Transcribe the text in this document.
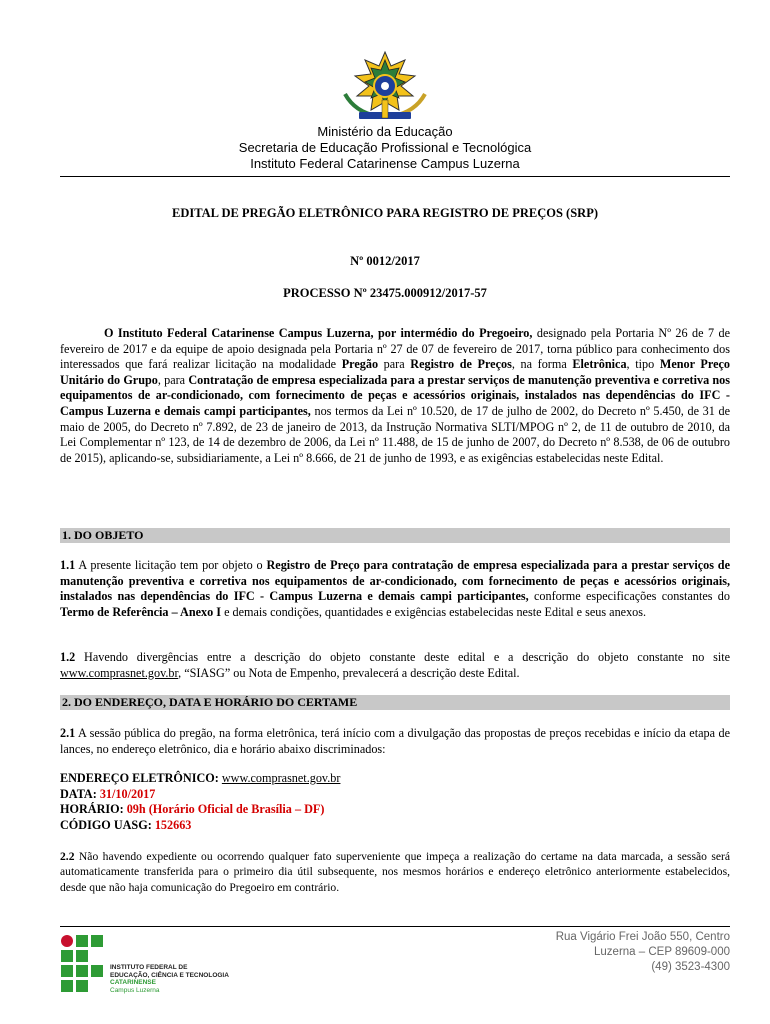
Ministério da Educação
Secretaria de Educação Profissional e Tecnológica
Instituto Federal Catarinense Campus Luzerna
EDITAL DE PREGÃO ELETRÔNICO PARA REGISTRO DE PREÇOS (SRP)
Nº 0012/2017
PROCESSO Nº 23475.000912/2017-57
O Instituto Federal Catarinense Campus Luzerna, por intermédio do Pregoeiro, designado pela Portaria Nº 26 de 7 de fevereiro de 2017 e da equipe de apoio designada pela Portaria nº 27 de 07 de fevereiro de 2017, torna público para conhecimento dos interessados que fará realizar licitação na modalidade Pregão para Registro de Preços, na forma Eletrônica, tipo Menor Preço Unitário do Grupo, para Contratação de empresa especializada para a prestar serviços de manutenção preventiva e corretiva nos equipamentos de ar-condicionado, com fornecimento de peças e acessórios originais, instalados nas dependências do IFC - Campus Luzerna e demais campi participantes, nos termos da Lei nº 10.520, de 17 de julho de 2002, do Decreto nº 5.450, de 31 de maio de 2005, do Decreto nº 7.892, de 23 de janeiro de 2013, da Instrução Normativa SLTI/MPOG nº 2, de 11 de outubro de 2010, da Lei Complementar nº 123, de 14 de dezembro de 2006, da Lei nº 11.488, de 15 de junho de 2007, do Decreto nº 8.538, de 06 de outubro de 2015), aplicando-se, subsidiariamente, a Lei nº 8.666, de 21 de junho de 1993, e as exigências estabelecidas neste Edital.
1. DO OBJETO
1.1 A presente licitação tem por objeto o Registro de Preço para contratação de empresa especializada para a prestar serviços de manutenção preventiva e corretiva nos equipamentos de ar-condicionado, com fornecimento de peças e acessórios originais, instalados nas dependências do IFC - Campus Luzerna e demais campi participantes, conforme especificações constantes do Termo de Referência – Anexo I e demais condições, quantidades e exigências estabelecidas neste Edital e seus anexos.
1.2 Havendo divergências entre a descrição do objeto constante deste edital e a descrição do objeto constante no site www.comprasnet.gov.br, “SIASG” ou Nota de Empenho, prevalecerá a descrição deste Edital.
2. DO ENDEREÇO, DATA E HORÁRIO DO CERTAME
2.1 A sessão pública do pregão, na forma eletrônica, terá início com a divulgação das propostas de preços recebidas e início da etapa de lances, no endereço eletrônico, dia e horário abaixo discriminados:
ENDEREÇO ELETRÔNICO: www.comprasnet.gov.br
DATA: 31/10/2017
HORÁRIO: 09h (Horário Oficial de Brasília – DF)
CÓDIGO UASG: 152663
2.2 Não havendo expediente ou ocorrendo qualquer fato superveniente que impeça a realização do certame na data marcada, a sessão será automaticamente transferida para o primeiro dia útil subsequente, nos mesmos horários e endereço eletrônico anteriormente estabelecidos, desde que não haja comunicação do Pregoeiro em contrário.
INSTITUTO FEDERAL DE
EDUCAÇÃO, CIÊNCIA E TECNOLOGIA
CATARINENSE
Campus Luzerna
Rua Vigário Frei João 550, Centro
Luzerna – CEP 89609-000
(49) 3523-4300
